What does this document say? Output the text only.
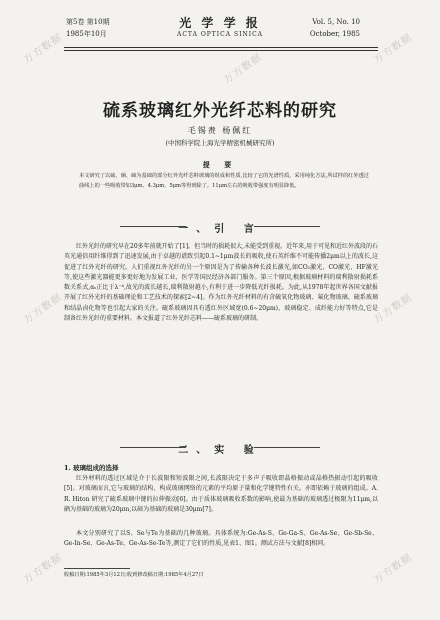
第5卷 第10期
1985年10月
光 学 学 报
ACTA OPTICA SINICA
Vol. 5, No. 10
October, 1985
硫系玻璃红外光纤芯料的研究
毛锡赉 杨佩红
(中国科学院上海光学精密机械研究所)
提 要
本文研究了以硫、硒、碲为基础的部分红外光纤芯料玻璃的组成和性质,比较了它的光谱性质。采用纯化方法,所试样的红外透过曲线上的一些吸收带如3μm、4.3μm、5μm等得到除了。11μm左右的吸收带强度有明显降低。
一、引 言
红外光纤的研究早在20多年前就开始了[1]。但当时的损耗很大,未能受到重视。近年来,用于可见和近红外波段的石英光通信用纤维得到了迅速发展,由于卓越的谱致引起0.1~1μm波长的吸收,使石英纤维不可能传播2μm以上的波长,这促进了红外光纤的研究。人们重视红外光纤的另一个原因是为了传输各种长波长激光,如CO₂激光、CO激光、HF激光等,使这些激光器能更多更好地为发展工业、医学等国民经济各部门服务。第三个原因,根据玻璃材料的瑞利散射损耗系数关系式,αₛ正比于λ⁻⁴,故光的波长越长,瑞利散射越小,有利于进一步降低光纤损耗。为此,从1978年起世界各国文献报开展了红外光纤的基础理论和工艺技术的探索[2~4]。作为红外光纤材料的有含硫氧化物玻璃、氟化物玻璃、硫系玻璃和结晶卤化物等也引起大家的关注。硫系玻璃因具有透红外区域宽(0.6~20μm)、玻璃稳定、成纤能力好等特点,它是制备红外光纤的重要材料。本文报道了红外光纤芯料——硫系玻璃的研制。
二、实 验
1. 玻璃组成的选择
红外材料的透过区域是介于长波限和短波限之间,长波限决定于多声子吸收即晶格振动或晶格热振动引起的吸收[5]。对玻璃而言,它与玻璃的结构、构成玻璃网络的元素的平均原子量和化学键特性有关。亦即依赖于玻璃的组成。A. R. Hiton 研究了硫系玻璃中键的拉伸振动[6]。由于质体玻璃吸收系数的影响,使最为基础的玻璃透过极限为11μm,以硒为基础的玻璃为20μm,以碲为基础的玻璃是30μm[7]。
本文分别研究了以S、Se与Te为基础的几种玻璃。具体系统为:Ge-As-S、Ge-Ga-S、Ge-As-Se、Ge-Sb-Se、Ge-In-Se、Ge-As-Te、Ge-As-Se-Te等,测定了它们的性质,见表1、图1。测试方法与文献[8]相同。
收稿日期:1985年3月12日;收到修改稿日期:1985年4月27日
万方数据
万方数据
万方数据
万方数据	万方数据
万方数据	万方数据
